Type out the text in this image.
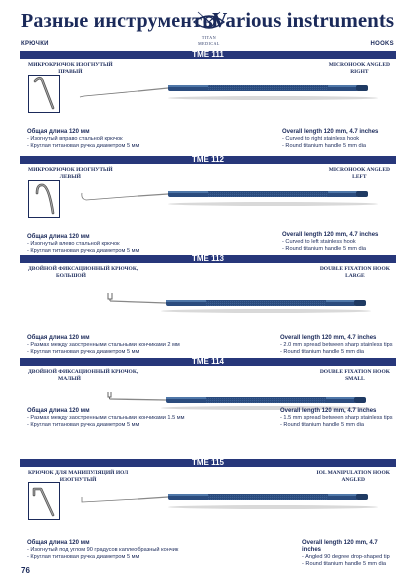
Разные инструменты
Various instruments
КРЮЧКИ	HOOKS
TITAN
MEDICAL
TME 111
МИКРОКРЮЧОК ИЗОГНУТЫЙ
ПРАВЫЙ
MICROHOOK ANGLED
RIGHT
Общая длина 120 мм
- Изогнутый вправо стальной крючок
- Круглая титановая ручка диаметром 5 мм
Overall length 120 mm, 4.7 inches
- Curved to right stainless hook
- Round titanium handle 5 mm dia
TME 112
МИКРОКРЮЧОК ИЗОГНУТЫЙ
ЛЕВЫЙ
MICROHOOK ANGLED
LEFT
Общая длина 120 мм
- Изогнутый влево стальной крючок
- Круглая титановая ручка диаметром 5 мм
Overall length 120 mm, 4.7 inches
- Curved to left stainless hook
- Round titanium handle 5 mm dia
TME 113
ДВОЙНОЙ ФИКСАЦИОННЫЙ КРЮЧОК,
БОЛЬШОЙ
DOUBLE FIXATION HOOK
LARGE
Общая длина 120 мм
- Размах между заостренными стальными кончиками 2 мм
- Круглая титановая ручка диаметром 5 мм
Overall length 120 mm, 4.7 inches
- 2.0 mm spread between sharp stainless tips
- Round titanium handle 5 mm dia
TME 114
ДВОЙНОЙ ФИКСАЦИОННЫЙ КРЮЧОК,
МАЛЫЙ
DOUBLE FIXATION HOOK
SMALL
Общая длина 120 мм
- Размах между заостренными стальными кончиками 1.5 мм
- Круглая титановая ручка диаметром 5 мм
Overall length 120 mm, 4.7 inches
- 1.5 mm spread between sharp stainless tips
- Round titanium handle 5 mm dia
TME 115
КРЮЧОК ДЛЯ МАНИПУЛЯЦИЙ ИОЛ
ИЗОГНУТЫЙ
IOL MANIPULATION HOOK
ANGLED
Общая длина 120 мм
- Изогнутый под углом 90 градусов каплеобразный кончик
- Круглая титановая ручка диаметром 5 мм
Overall length 120 mm, 4.7 inches
- Angled 90 degree drop-shaped tip
- Round titanium handle 5 mm dia
76
